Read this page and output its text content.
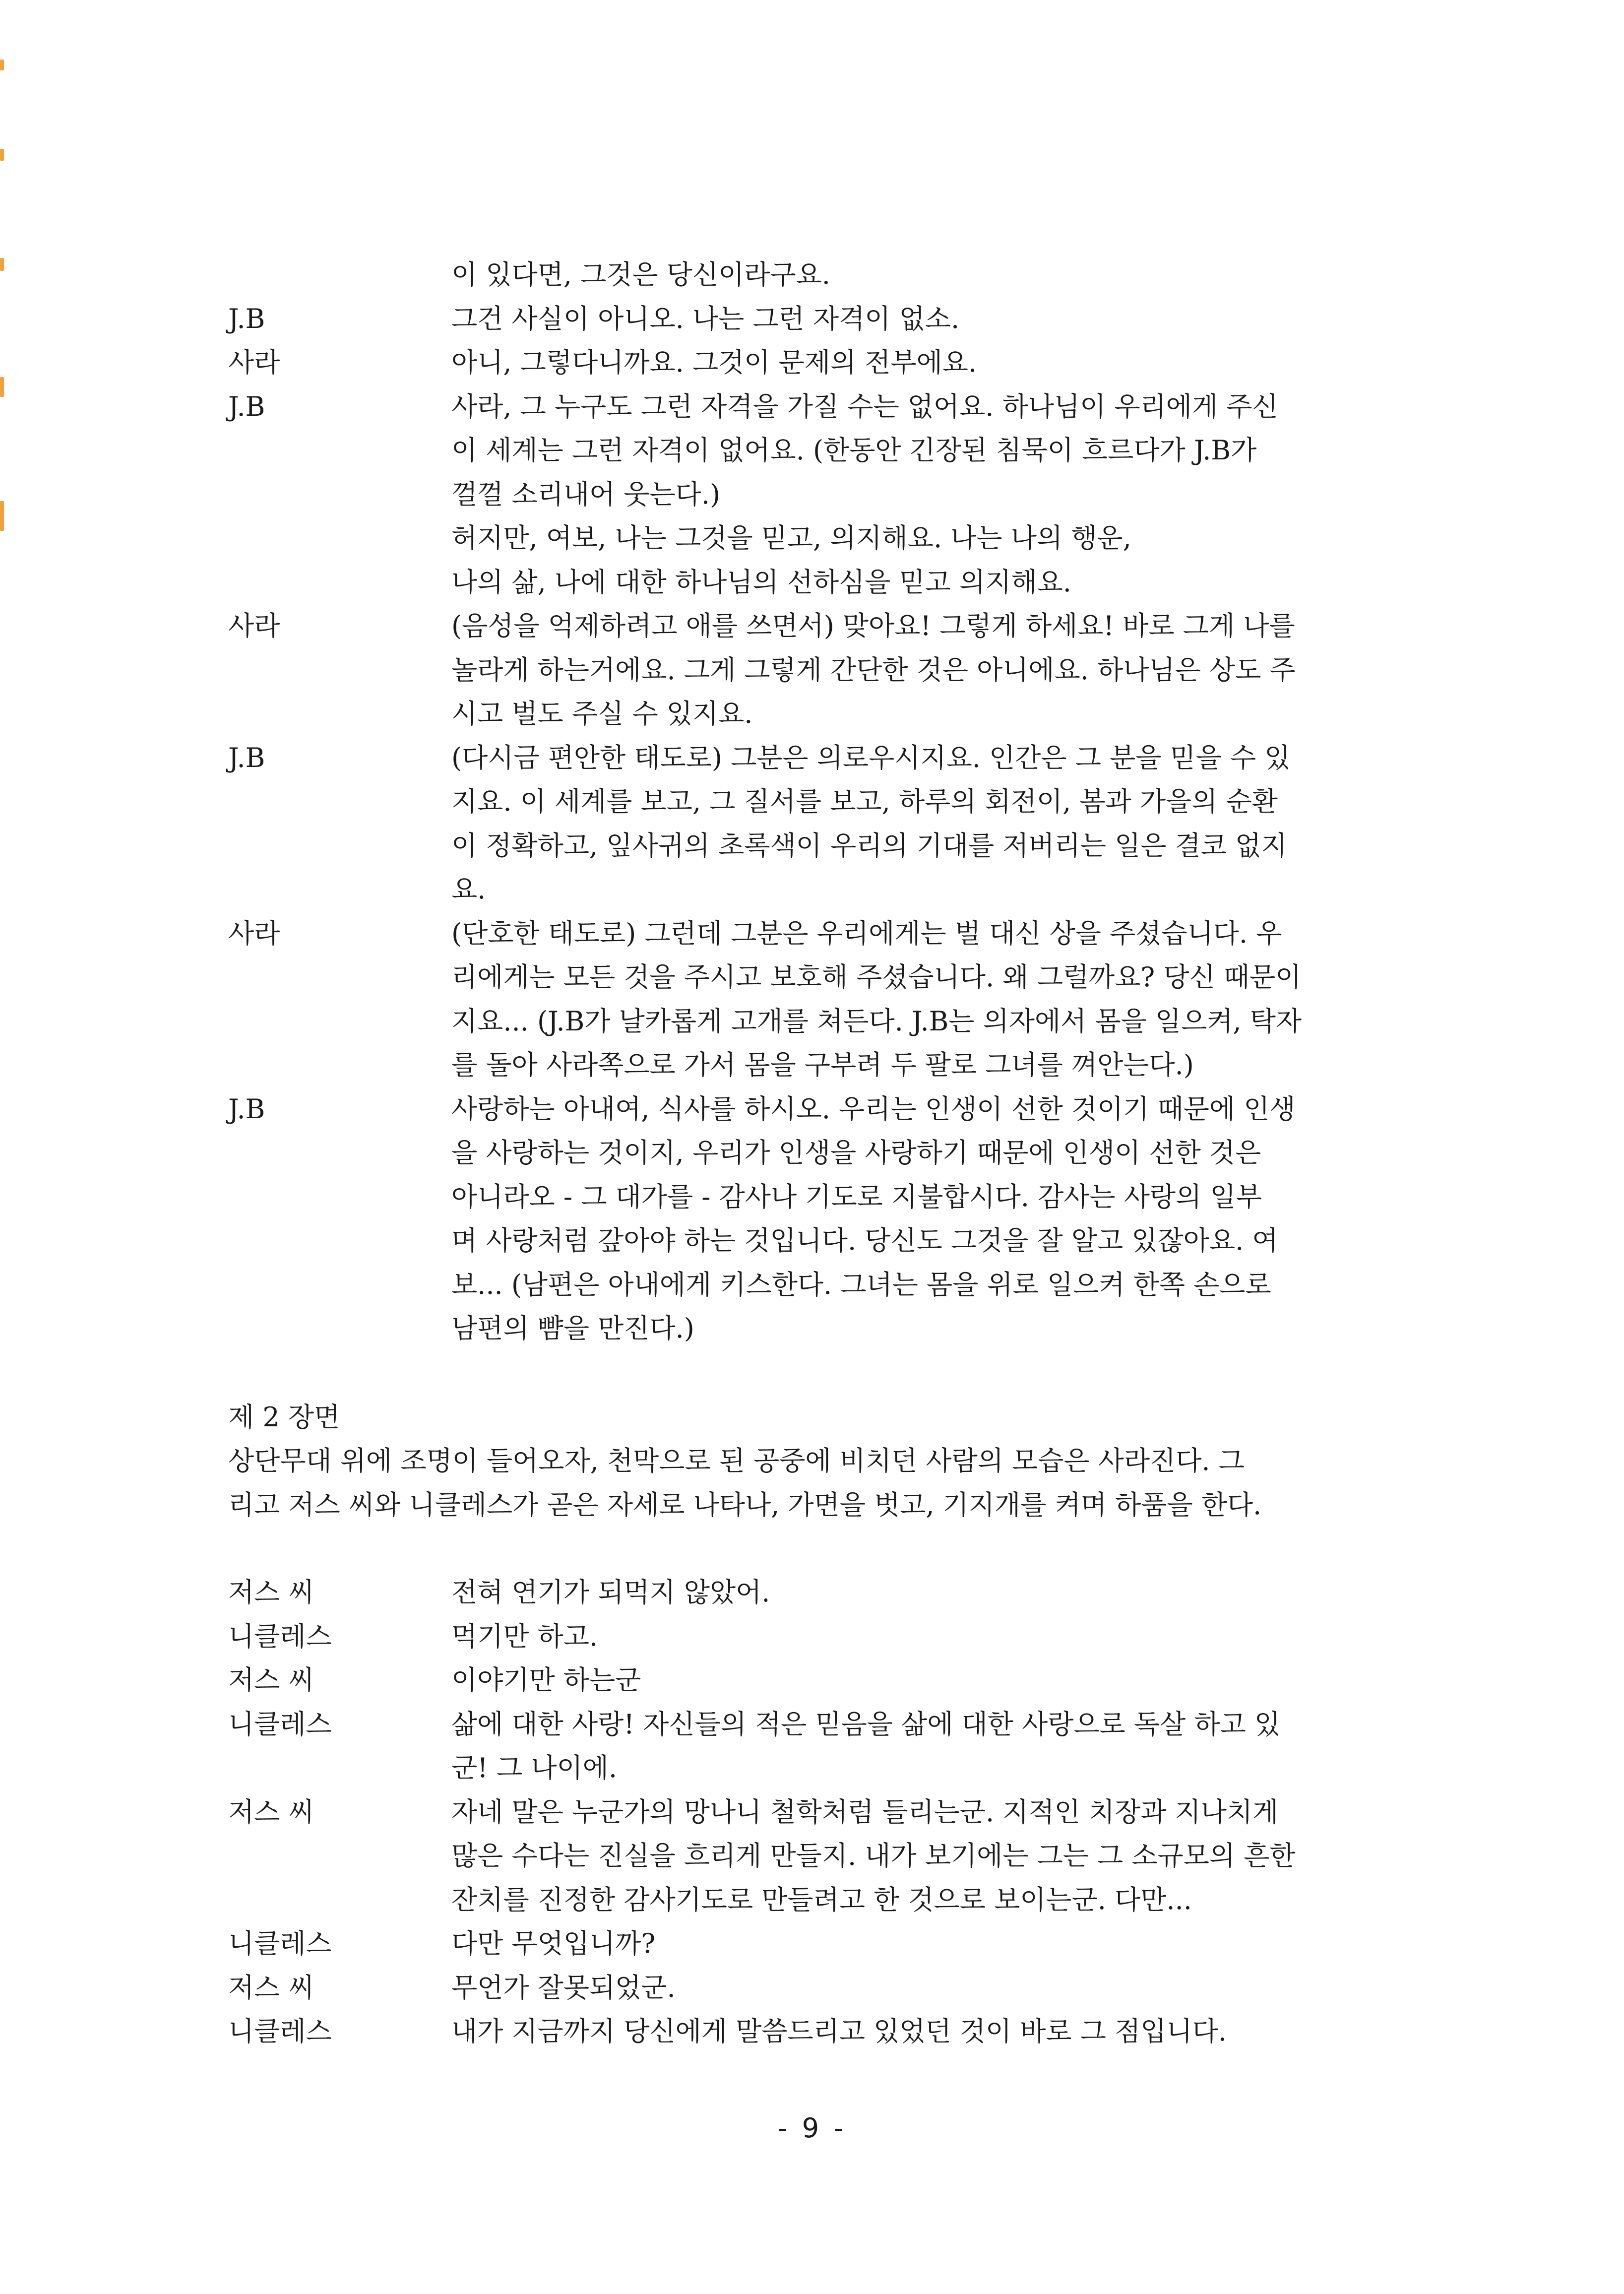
이 있다면, 그것은 당신이라구요.
J.B	그건 사실이 아니오. 나는 그런 자격이 없소.
사라	아니, 그렇다니까요. 그것이 문제의 전부에요.
J.B	사라, 그 누구도 그런 자격을 가질 수는 없어요. 하나님이 우리에게 주신
이 세계는 그런 자격이 없어요. (한동안 긴장된 침묵이 흐르다가 J.B가
껄껄 소리내어 웃는다.)
허지만, 여보, 나는 그것을 믿고, 의지해요. 나는 나의 행운,
나의 삶, 나에 대한 하나님의 선하심을 믿고 의지해요.
사라	(음성을 억제하려고 애를 쓰면서) 맞아요! 그렇게 하세요! 바로 그게 나를
놀라게 하는거에요. 그게 그렇게 간단한 것은 아니에요. 하나님은 상도 주
시고 벌도 주실 수 있지요.
J.B	(다시금 편안한 태도로) 그분은 의로우시지요. 인간은 그 분을 믿을 수 있
지요. 이 세계를 보고, 그 질서를 보고, 하루의 회전이, 봄과 가을의 순환
이 정확하고, 잎사귀의 초록색이 우리의 기대를 저버리는 일은 결코 없지
요.
사라	(단호한 태도로) 그런데 그분은 우리에게는 벌 대신 상을 주셨습니다. 우
리에게는 모든 것을 주시고 보호해 주셨습니다. 왜 그럴까요? 당신 때문이
지요... (J.B가 날카롭게 고개를 쳐든다. J.B는 의자에서 몸을 일으켜, 탁자
를 돌아 사라쪽으로 가서 몸을 구부려 두 팔로 그녀를 껴안는다.)
J.B	사랑하는 아내여, 식사를 하시오. 우리는 인생이 선한 것이기 때문에 인생
을 사랑하는 것이지, 우리가 인생을 사랑하기 때문에 인생이 선한 것은
아니라오 - 그 대가를 - 감사나 기도로 지불합시다. 감사는 사랑의 일부
며 사랑처럼 갚아야 하는 것입니다. 당신도 그것을 잘 알고 있잖아요. 여
보... (남편은 아내에게 키스한다. 그녀는 몸을 위로 일으켜 한쪽 손으로
남편의 뺨을 만진다.)
제 2 장면
상단무대 위에 조명이 들어오자, 천막으로 된 공중에 비치던 사람의 모습은 사라진다. 그
리고 저스 씨와 니클레스가 곧은 자세로 나타나, 가면을 벗고, 기지개를 켜며 하품을 한다.
저스 씨	전혀 연기가 되먹지 않았어.
니클레스	먹기만 하고.
저스 씨	이야기만 하는군
니클레스	삶에 대한 사랑! 자신들의 적은 믿음을 삶에 대한 사랑으로 독살 하고 있
군! 그 나이에.
저스 씨	자네 말은 누군가의 망나니 철학처럼 들리는군. 지적인 치장과 지나치게
많은 수다는 진실을 흐리게 만들지. 내가 보기에는 그는 그 소규모의 흔한
잔치를 진정한 감사기도로 만들려고 한 것으로 보이는군. 다만...
니클레스	다만 무엇입니까?
저스 씨	무언가 잘못되었군.
니클레스	내가 지금까지 당신에게 말씀드리고 있었던 것이 바로 그 점입니다.
- 9 -
